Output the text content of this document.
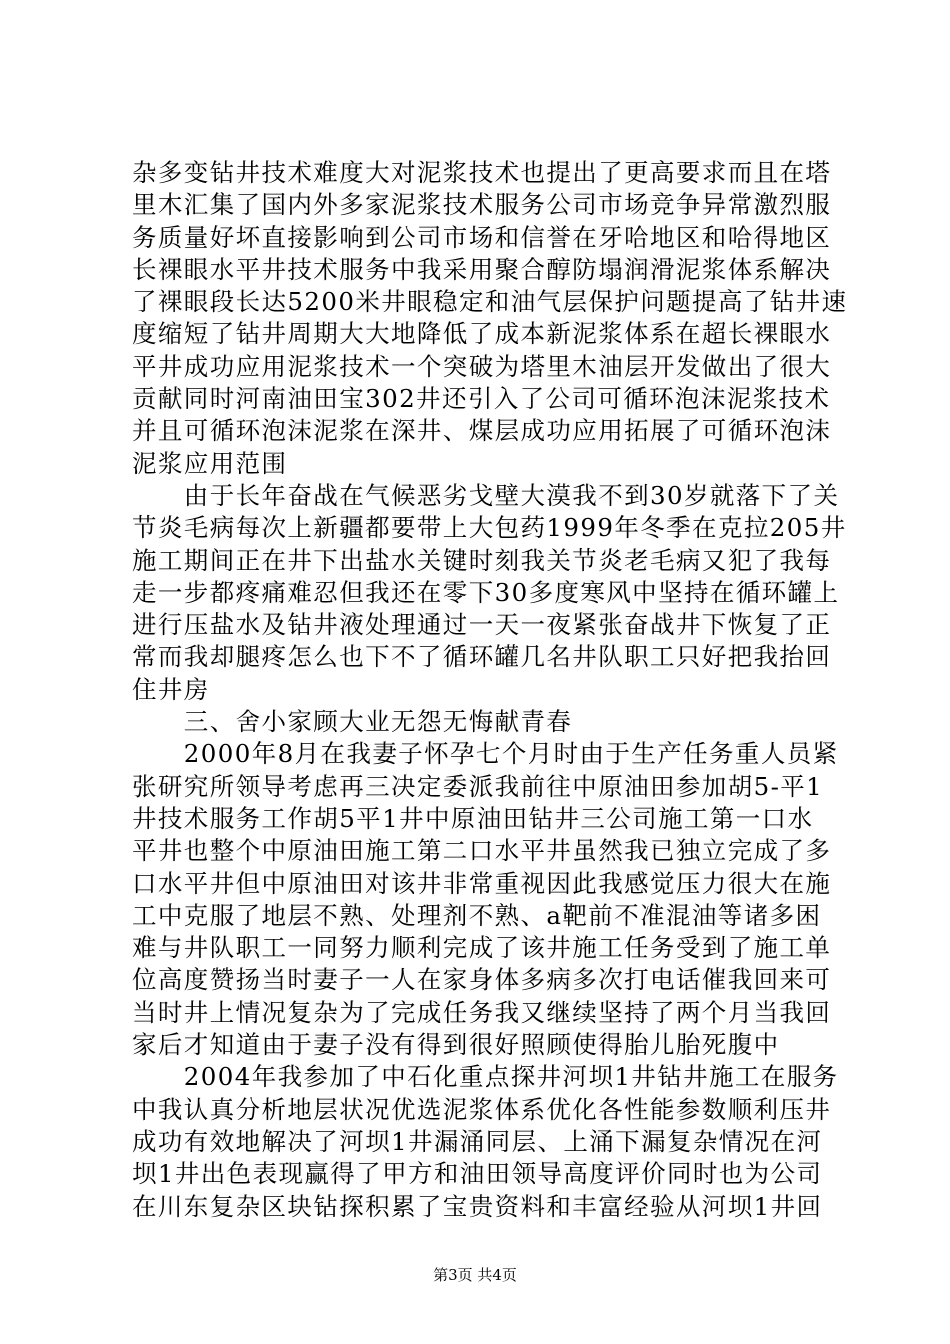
杂多变钻井技术难度大对泥浆技术也提出了更高要求而且在塔
里木汇集了国内外多家泥浆技术服务公司市场竞争异常激烈服
务质量好坏直接影响到公司市场和信誉在牙哈地区和哈得地区
长裸眼水平井技术服务中我采用聚合醇防塌润滑泥浆体系解决
了裸眼段长达5200米井眼稳定和油气层保护问题提高了钻井速
度缩短了钻井周期大大地降低了成本新泥浆体系在超长裸眼水
平井成功应用泥浆技术一个突破为塔里木油层开发做出了很大
贡献同时河南油田宝302井还引入了公司可循环泡沫泥浆技术
并且可循环泡沫泥浆在深井、煤层成功应用拓展了可循环泡沫
泥浆应用范围
　　由于长年奋战在气候恶劣戈壁大漠我不到30岁就落下了关
节炎毛病每次上新疆都要带上大包药1999年冬季在克拉205井
施工期间正在井下出盐水关键时刻我关节炎老毛病又犯了我每
走一步都疼痛难忍但我还在零下30多度寒风中坚持在循环罐上
进行压盐水及钻井液处理通过一天一夜紧张奋战井下恢复了正
常而我却腿疼怎么也下不了循环罐几名井队职工只好把我抬回
住井房
　　三、舍小家顾大业无怨无悔献青春
　　2000年8月在我妻子怀孕七个月时由于生产任务重人员紧
张研究所领导考虑再三决定委派我前往中原油田参加胡5-平1
井技术服务工作胡5平1井中原油田钻井三公司施工第一口水
平井也整个中原油田施工第二口水平井虽然我已独立完成了多
口水平井但中原油田对该井非常重视因此我感觉压力很大在施
工中克服了地层不熟、处理剂不熟、a靶前不准混油等诸多困
难与井队职工一同努力顺利完成了该井施工任务受到了施工单
位高度赞扬当时妻子一人在家身体多病多次打电话催我回来可
当时井上情况复杂为了完成任务我又继续坚持了两个月当我回
家后才知道由于妻子没有得到很好照顾使得胎儿胎死腹中
　　2004年我参加了中石化重点探井河坝1井钻井施工在服务
中我认真分析地层状况优选泥浆体系优化各性能参数顺利压井
成功有效地解决了河坝1井漏涌同层、上涌下漏复杂情况在河
坝1井出色表现赢得了甲方和油田领导高度评价同时也为公司
在川东复杂区块钻探积累了宝贵资料和丰富经验从河坝1井回
第3页 共4页
